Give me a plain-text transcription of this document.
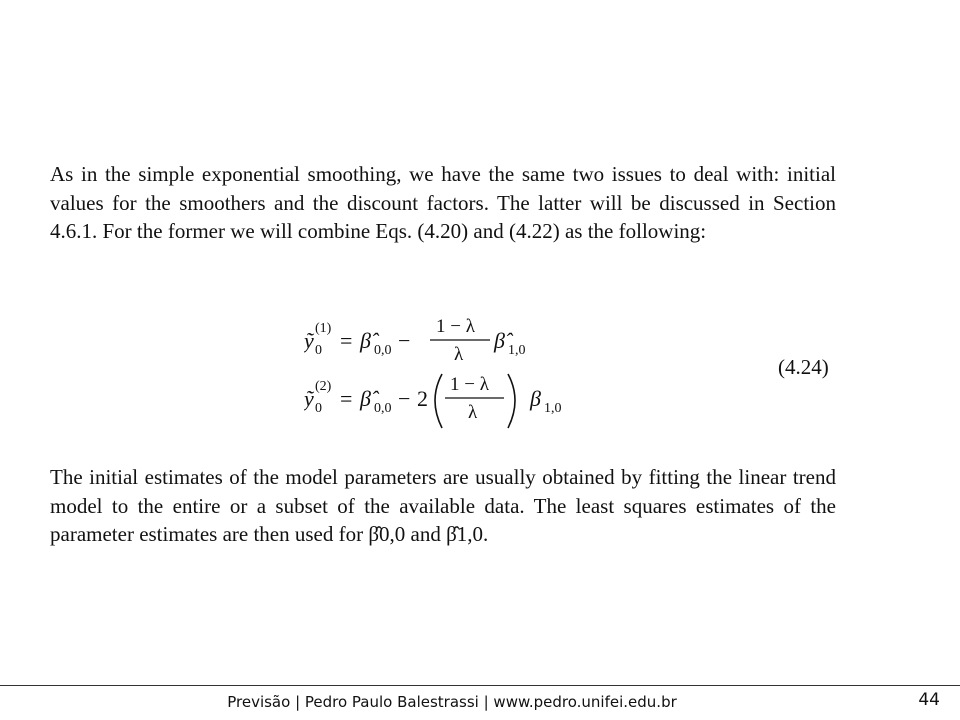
As in the simple exponential smoothing, we have the same two issues to deal with: initial values for the smoothers and the discount factors. The latter will be discussed in Section 4.6.1. For the former we will combine Eqs. (4.20) and (4.22) as the following:
ỹ 0
(1) = β̂ 0,0 −
1 − λ
λ
β̂ 1,0
ỹ 0
(2) = β̂ 0,0 − 2
1 − λ
λ
β 1,0
(4.24)
The initial estimates of the model parameters are usually obtained by fitting the linear trend model to the entire or a subset of the available data. The least squares estimates of the parameter estimates are then used for β̂0,0 and β̂1,0.
Previsão | Pedro Paulo Balestrassi | www.pedro.unifei.edu.br	44
